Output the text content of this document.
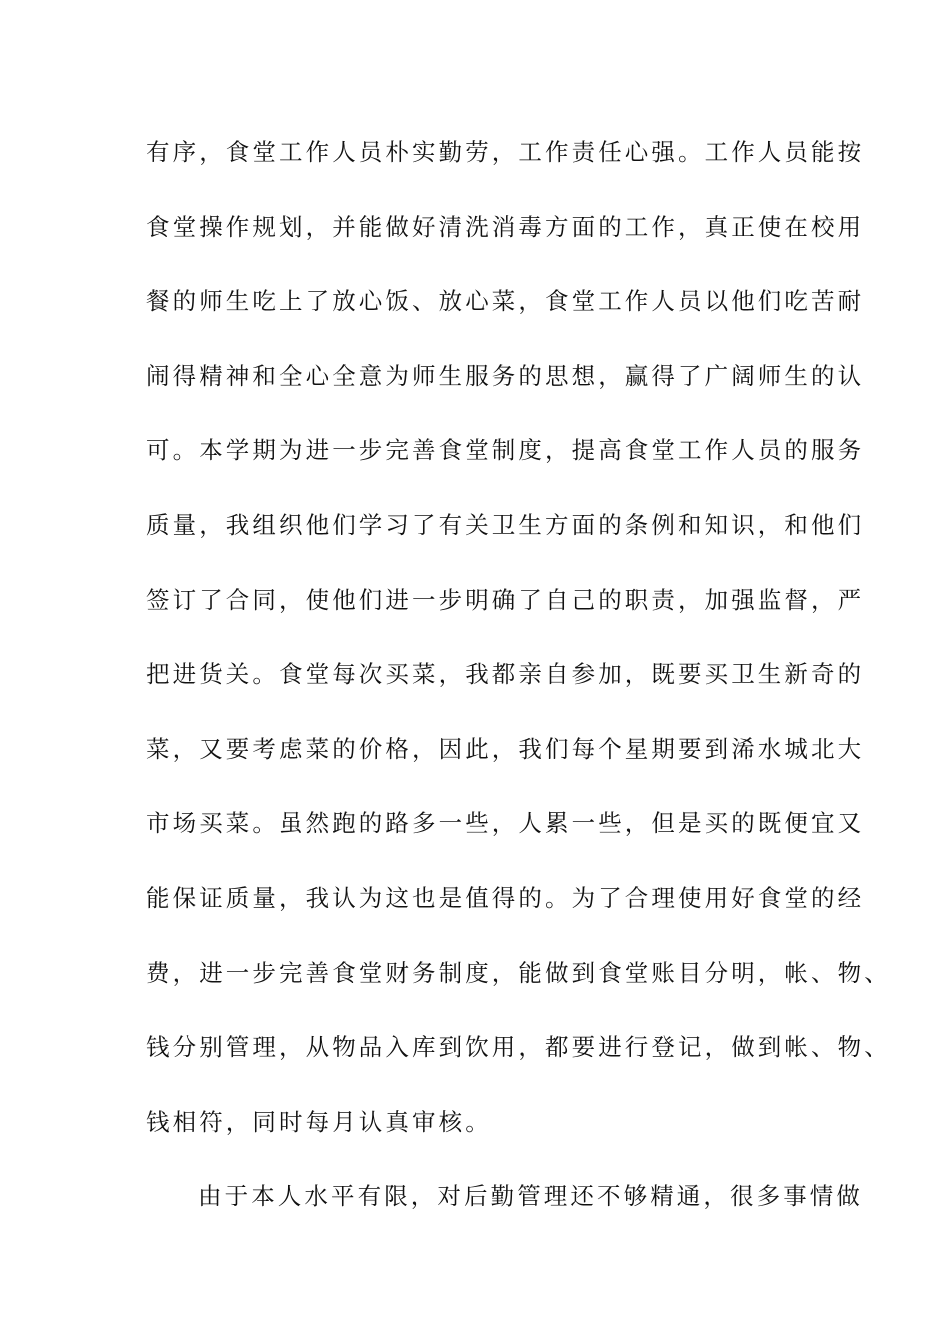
有序，食堂工作人员朴实勤劳，工作责任心强。工作人员能按
食堂操作规划，并能做好清洗消毒方面的工作，真正使在校用
餐的师生吃上了放心饭、放心菜，食堂工作人员以他们吃苦耐
闹得精神和全心全意为师生服务的思想，赢得了广阔师生的认
可。本学期为进一步完善食堂制度，提高食堂工作人员的服务
质量，我组织他们学习了有关卫生方面的条例和知识，和他们
签订了合同，使他们进一步明确了自己的职责，加强监督，严
把进货关。食堂每次买菜，我都亲自参加，既要买卫生新奇的
菜，又要考虑菜的价格，因此，我们每个星期要到浠水城北大
市场买菜。虽然跑的路多一些，人累一些，但是买的既便宜又
能保证质量，我认为这也是值得的。为了合理使用好食堂的经
费，进一步完善食堂财务制度，能做到食堂账目分明，帐、物、
钱分别管理，从物品入库到饮用，都要进行登记，做到帐、物、
钱相符，同时每月认真审核。
由于本人水平有限，对后勤管理还不够精通，很多事情做
